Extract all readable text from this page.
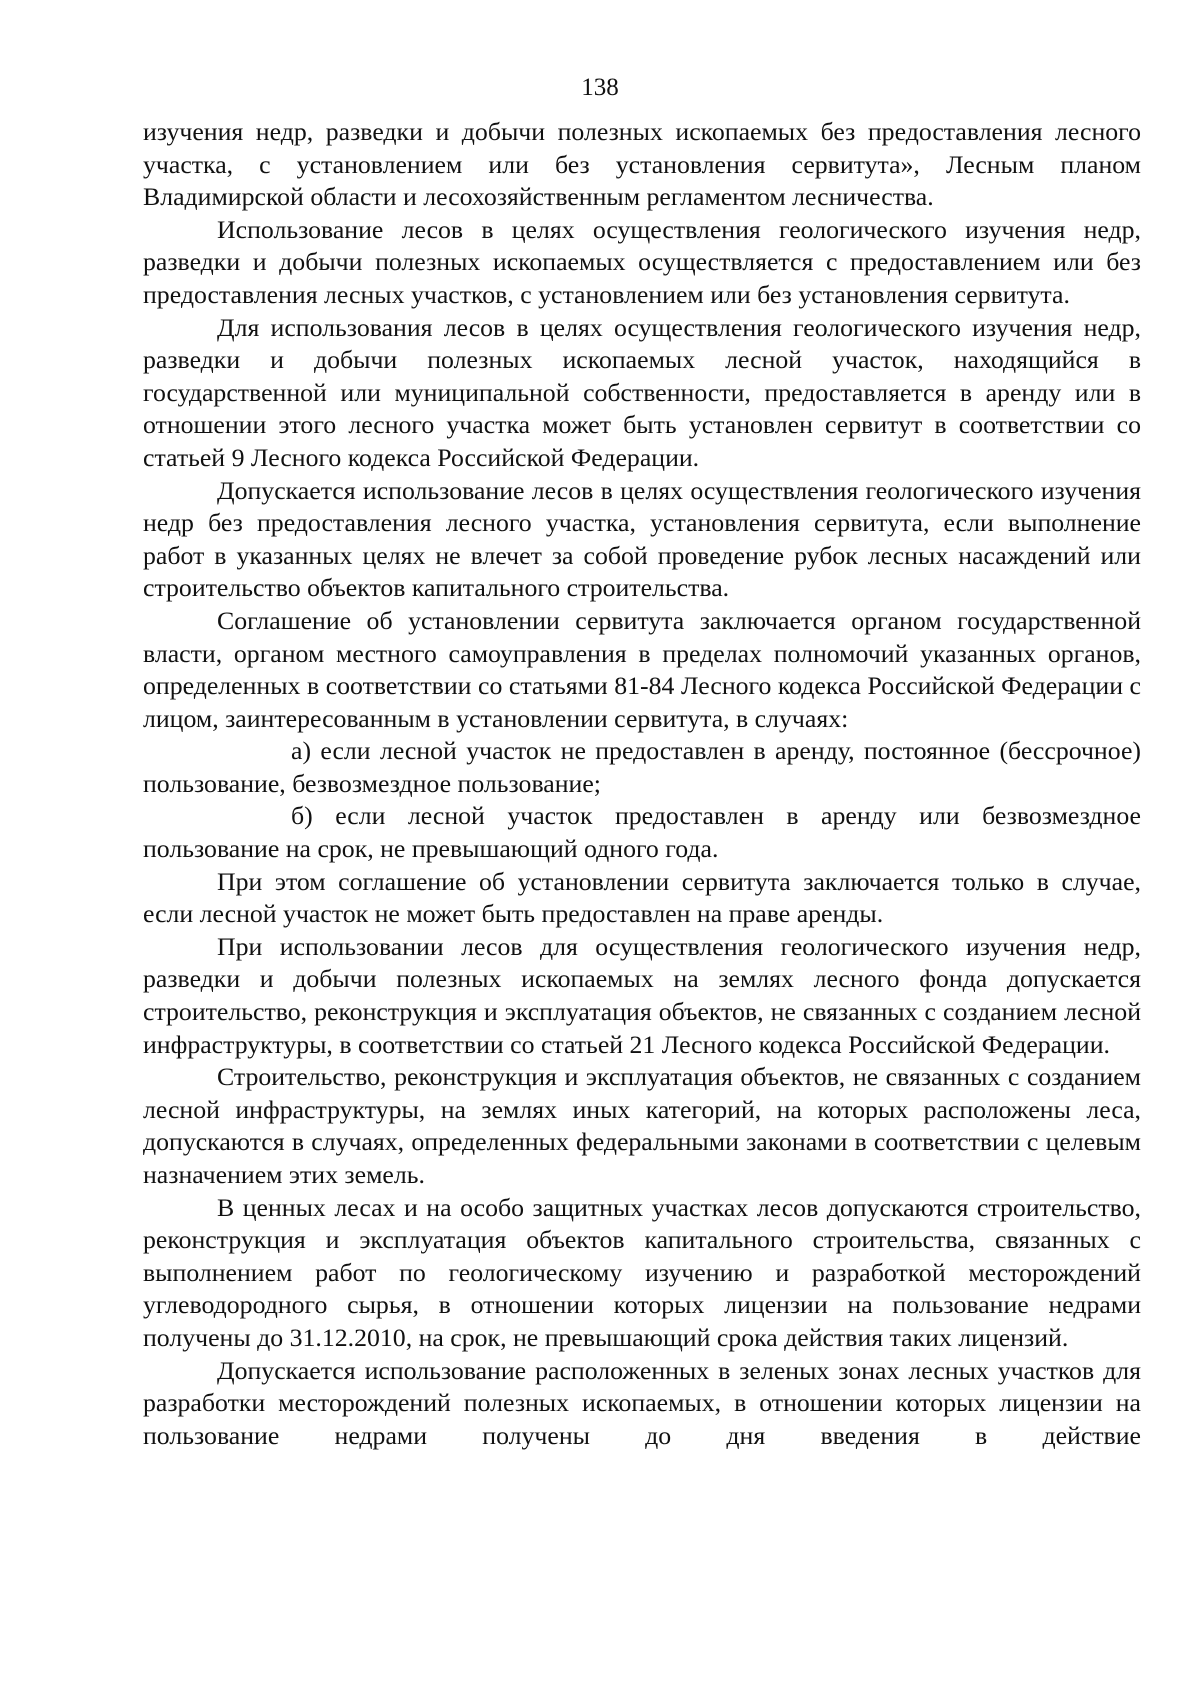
138

изучения недр, разведки и добычи полезных ископаемых без предоставления лесного участка, с установлением или без установления сервитута», Лесным планом Владимирской области и лесохозяйственным регламентом лесничества.

Использование лесов в целях осуществления геологического изучения недр, разведки и добычи полезных ископаемых осуществляется с предоставлением или без предоставления лесных участков, с установлением или без установления сервитута.

Для использования лесов в целях осуществления геологического изучения недр, разведки и добычи полезных ископаемых лесной участок, находящийся в государственной или муниципальной собственности, предоставляется в аренду или в отношении этого лесного участка может быть установлен сервитут в соответствии со статьей 9 Лесного кодекса Российской Федерации.

Допускается использование лесов в целях осуществления геологического изучения недр без предоставления лесного участка, установления сервитута, если выполнение работ в указанных целях не влечет за собой проведение рубок лесных насаждений или строительство объектов капитального строительства.

Соглашение об установлении сервитута заключается органом государственной власти, органом местного самоуправления в пределах полномочий указанных органов, определенных в соответствии со статьями 81-84 Лесного кодекса Российской Федерации с лицом, заинтересованным в установлении сервитута, в случаях:

а) если лесной участок не предоставлен в аренду, постоянное (бессрочное) пользование, безвозмездное пользование;

б) если лесной участок предоставлен в аренду или безвозмездное пользование на срок, не превышающий одного года.

При этом соглашение об установлении сервитута заключается только в случае, если лесной участок не может быть предоставлен на праве аренды.

При использовании лесов для осуществления геологического изучения недр, разведки и добычи полезных ископаемых на землях лесного фонда допускается строительство, реконструкция и эксплуатация объектов, не связанных с созданием лесной инфраструктуры, в соответствии со статьей 21 Лесного кодекса Российской Федерации.

Строительство, реконструкция и эксплуатация объектов, не связанных с созданием лесной инфраструктуры, на землях иных категорий, на которых расположены леса, допускаются в случаях, определенных федеральными законами в соответствии с целевым назначением этих земель.

В ценных лесах и на особо защитных участках лесов допускаются строительство, реконструкция и эксплуатация объектов капитального строительства, связанных с выполнением работ по геологическому изучению и разработкой месторождений углеводородного сырья, в отношении которых лицензии на пользование недрами получены до 31.12.2010, на срок, не превышающий срока действия таких лицензий.

Допускается использование расположенных в зеленых зонах лесных участков для разработки месторождений полезных ископаемых, в отношении которых лицензии на пользование недрами получены до дня введения в действие
